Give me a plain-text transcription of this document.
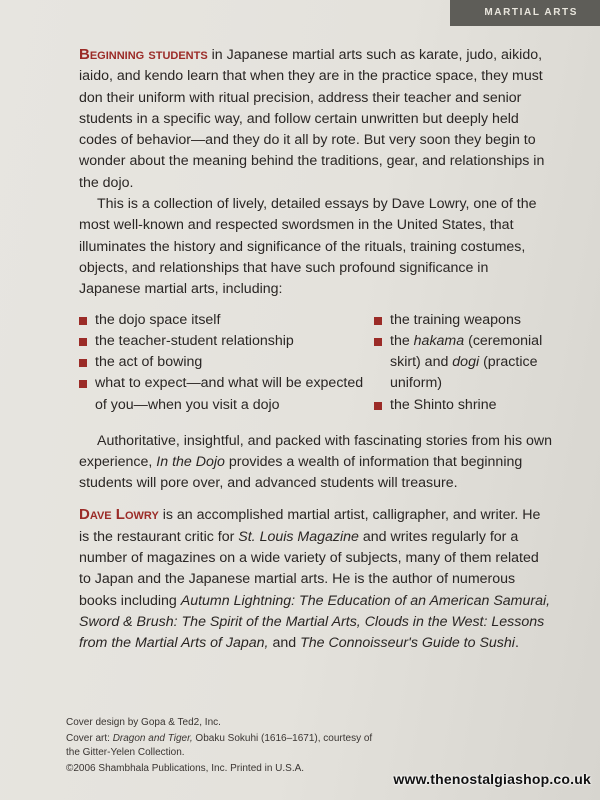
MARTIAL ARTS

Beginning students in Japanese martial arts such as karate, judo, aikido, iaido, and kendo learn that when they are in the practice space, they must don their uniform with ritual precision, address their teacher and senior students in a specific way, and follow certain unwritten but deeply held codes of behavior—and they do it all by rote. But very soon they begin to wonder about the meaning behind the traditions, gear, and relationships in the dojo.

This is a collection of lively, detailed essays by Dave Lowry, one of the most well-known and respected swordsmen in the United States, that illuminates the history and significance of the rituals, training costumes, objects, and relationships that have such profound significance in Japanese martial arts, including:

the dojo space itself
the teacher-student relationship
the act of bowing
what to expect—and what will be expected of you—when you visit a dojo
the training weapons
the hakama (ceremonial skirt) and dogi (practice uniform)
the Shinto shrine

Authoritative, insightful, and packed with fascinating stories from his own experience, In the Dojo provides a wealth of information that beginning students will pore over, and advanced students will treasure.

Dave Lowry is an accomplished martial artist, calligrapher, and writer. He is the restaurant critic for St. Louis Magazine and writes regularly for a number of magazines on a wide variety of subjects, many of them related to Japan and the Japanese martial arts. He is the author of numerous books including Autumn Lightning: The Education of an American Samurai, Sword & Brush: The Spirit of the Martial Arts, Clouds in the West: Lessons from the Martial Arts of Japan, and The Connoisseur's Guide to Sushi.

Cover design by Gopa & Ted2, Inc.

Cover art: Dragon and Tiger, Obaku Sokuhi (1616–1671), courtesy of the Gitter-Yelen Collection.

©2006 Shambhala Publications, Inc. Printed in U.S.A.

www.thenostalgiashop.co.uk
